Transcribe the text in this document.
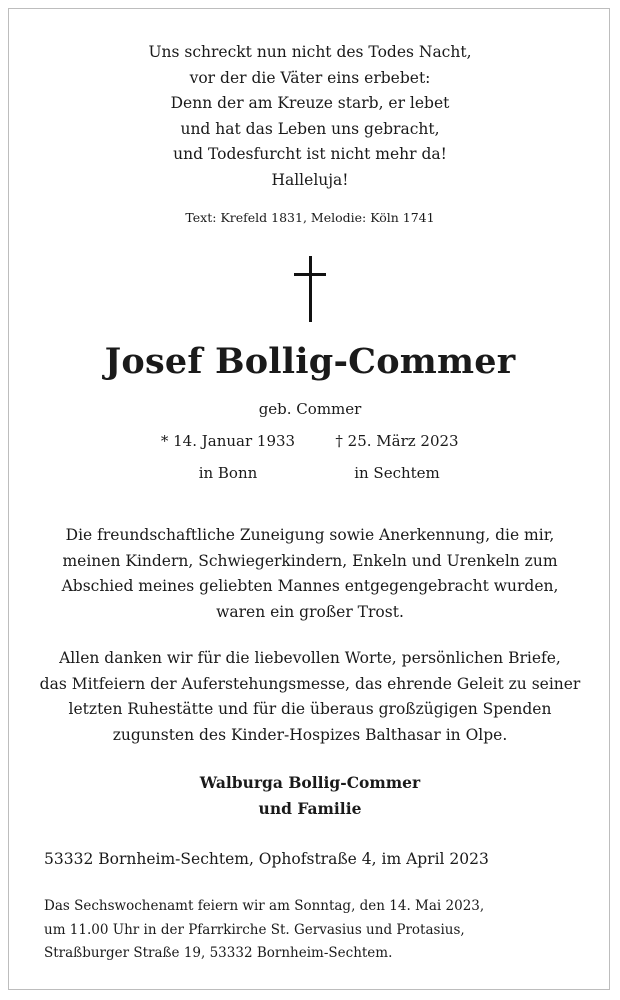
Uns schreckt nun nicht des Todes Nacht,
vor der die Väter eins erbebet:
Denn der am Kreuze starb, er lebet
und hat das Leben uns gebracht,
und Todesfurcht ist nicht mehr da!
Halleluja!
Text: Krefeld 1831, Melodie: Köln 1741
Josef Bollig-Commer
geb. Commer
* 14. Januar 1933
in Bonn
† 25. März 2023
in Sechtem
Die freundschaftliche Zuneigung sowie Anerkennung, die mir,
meinen Kindern, Schwiegerkindern, Enkeln und Urenkeln zum
Abschied meines geliebten Mannes entgegengebracht wurden,
waren ein großer Trost.
Allen danken wir für die liebevollen Worte, persönlichen Briefe,
das Mitfeiern der Auferstehungsmesse, das ehrende Geleit zu seiner
letzten Ruhestätte und für die überaus großzügigen Spenden
zugunsten des Kinder-Hospizes Balthasar in Olpe.
Walburga Bollig-Commer
und Familie
53332 Bornheim-Sechtem, Ophofstraße 4, im April 2023
Das Sechswochenamt feiern wir am Sonntag, den 14. Mai 2023,
um 11.00 Uhr in der Pfarrkirche St. Gervasius und Protasius,
Straßburger Straße 19, 53332 Bornheim-Sechtem.
